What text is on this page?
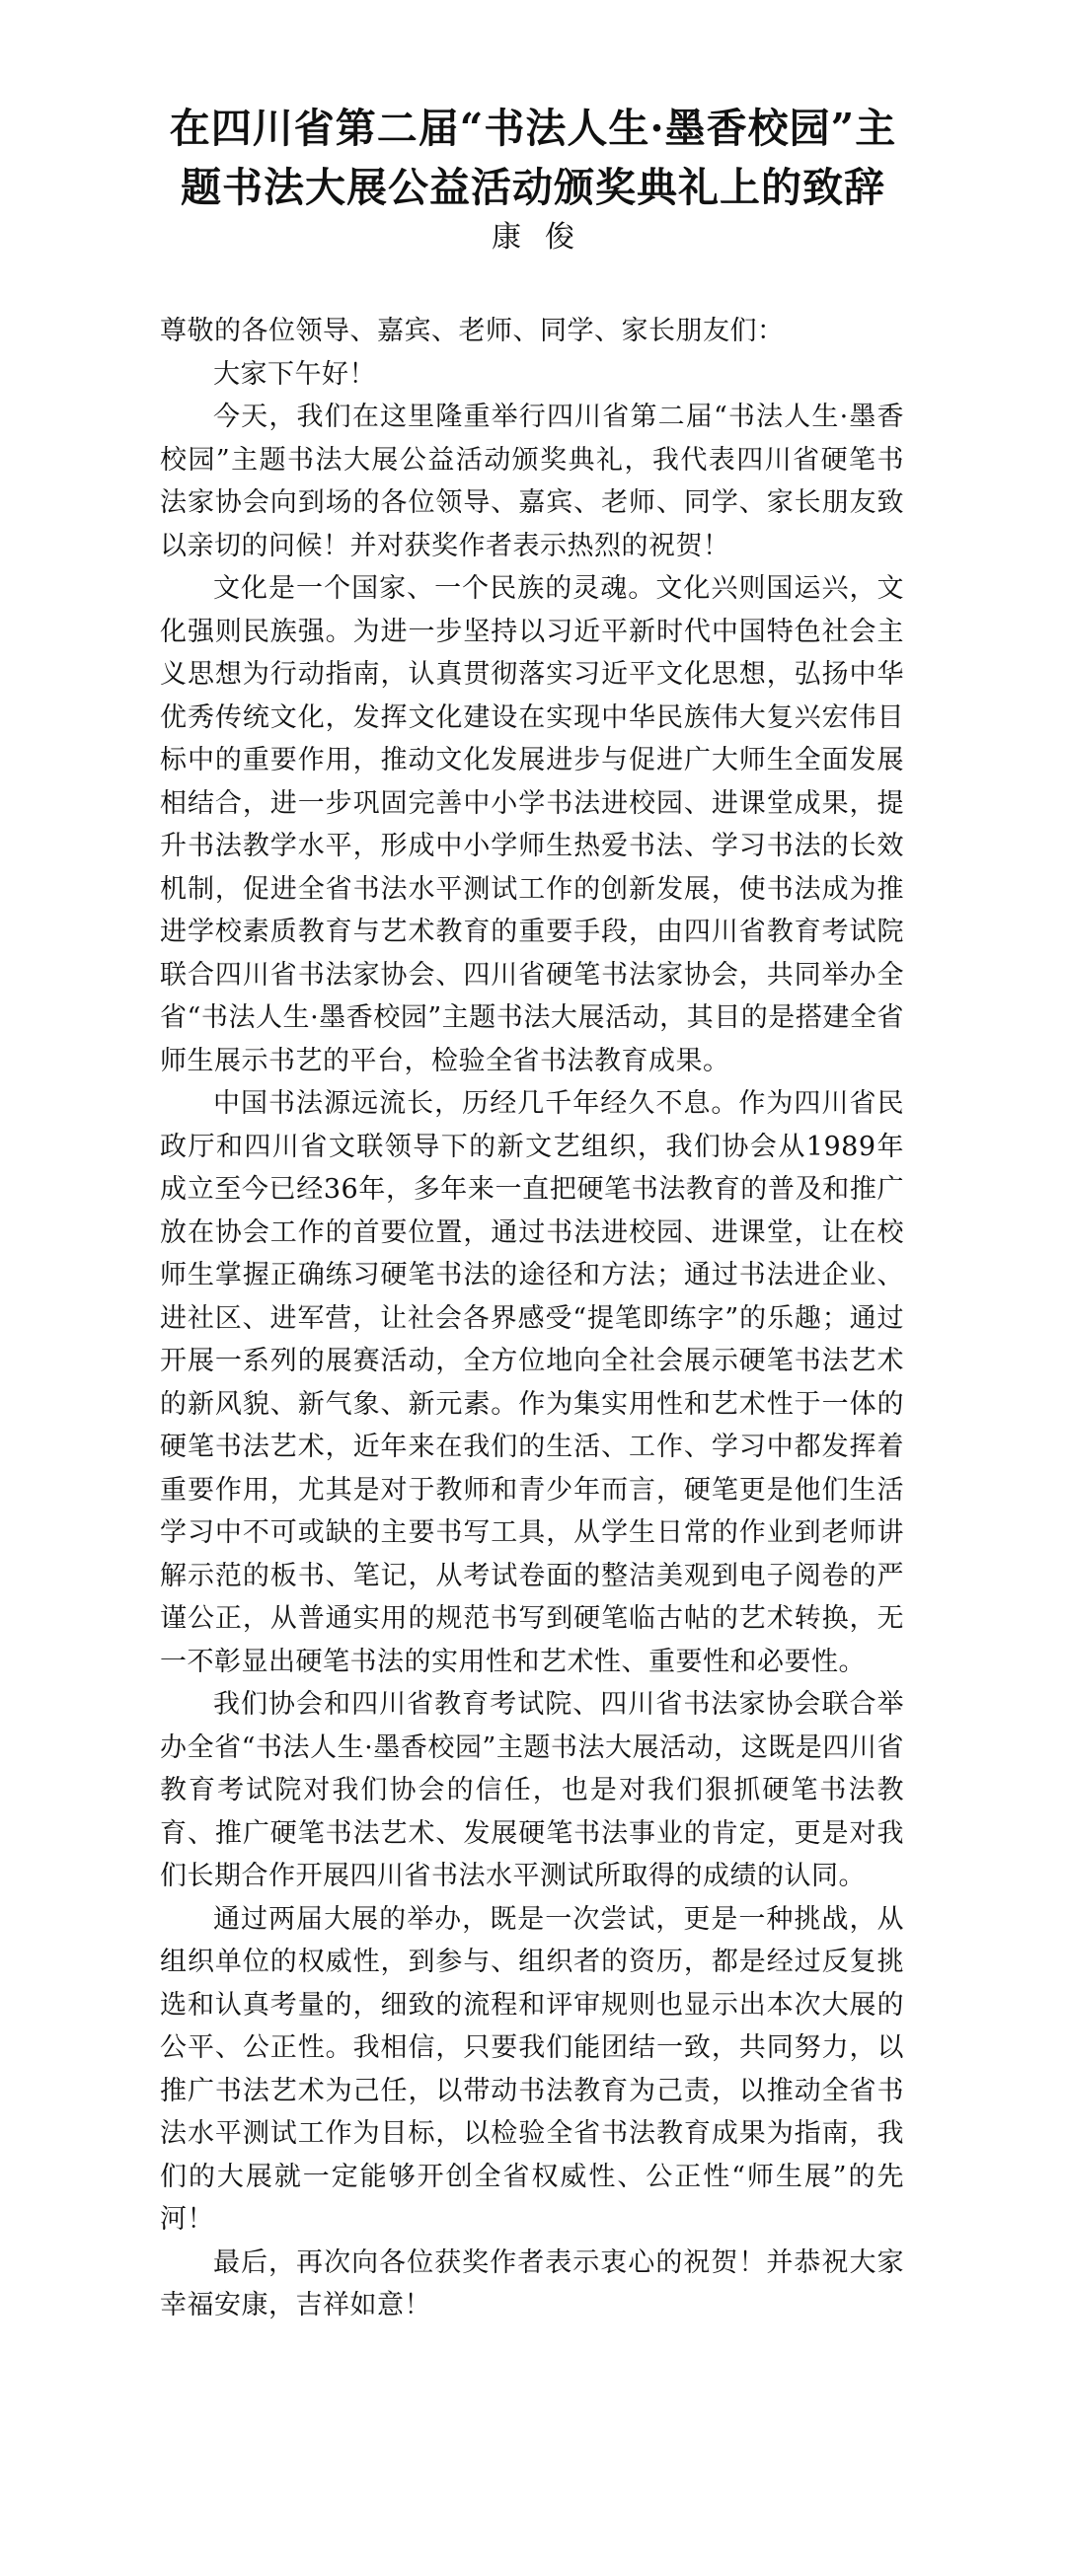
在四川省第二届“书法人生·墨香校园”主
题书法大展公益活动颁奖典礼上的致辞

康俊

尊敬的各位领导、嘉宾、老师、同学、家长朋友们：

大家下午好！

今天，我们在这里隆重举行四川省第二届“书法人生·墨香校园”主题书法大展公益活动颁奖典礼，我代表四川省硬笔书法家协会向到场的各位领导、嘉宾、老师、同学、家长朋友致以亲切的问候！并对获奖作者表示热烈的祝贺！

文化是一个国家、一个民族的灵魂。文化兴则国运兴，文化强则民族强。为进一步坚持以习近平新时代中国特色社会主义思想为行动指南，认真贯彻落实习近平文化思想，弘扬中华优秀传统文化，发挥文化建设在实现中华民族伟大复兴宏伟目标中的重要作用，推动文化发展进步与促进广大师生全面发展相结合，进一步巩固完善中小学书法进校园、进课堂成果，提升书法教学水平，形成中小学师生热爱书法、学习书法的长效机制，促进全省书法水平测试工作的创新发展，使书法成为推进学校素质教育与艺术教育的重要手段，由四川省教育考试院联合四川省书法家协会、四川省硬笔书法家协会，共同举办全省“书法人生·墨香校园”主题书法大展活动，其目的是搭建全省师生展示书艺的平台，检验全省书法教育成果。

中国书法源远流长，历经几千年经久不息。作为四川省民政厅和四川省文联领导下的新文艺组织，我们协会从1989年成立至今已经36年，多年来一直把硬笔书法教育的普及和推广放在协会工作的首要位置，通过书法进校园、进课堂，让在校师生掌握正确练习硬笔书法的途径和方法；通过书法进企业、进社区、进军营，让社会各界感受“提笔即练字”的乐趣；通过开展一系列的展赛活动，全方位地向全社会展示硬笔书法艺术的新风貌、新气象、新元素。作为集实用性和艺术性于一体的硬笔书法艺术，近年来在我们的生活、工作、学习中都发挥着重要作用，尤其是对于教师和青少年而言，硬笔更是他们生活学习中不可或缺的主要书写工具，从学生日常的作业到老师讲解示范的板书、笔记，从考试卷面的整洁美观到电子阅卷的严谨公正，从普通实用的规范书写到硬笔临古帖的艺术转换，无一不彰显出硬笔书法的实用性和艺术性、重要性和必要性。

我们协会和四川省教育考试院、四川省书法家协会联合举办全省“书法人生·墨香校园”主题书法大展活动，这既是四川省教育考试院对我们协会的信任，也是对我们狠抓硬笔书法教育、推广硬笔书法艺术、发展硬笔书法事业的肯定，更是对我们长期合作开展四川省书法水平测试所取得的成绩的认同。

通过两届大展的举办，既是一次尝试，更是一种挑战，从组织单位的权威性，到参与、组织者的资历，都是经过反复挑选和认真考量的，细致的流程和评审规则也显示出本次大展的公平、公正性。我相信，只要我们能团结一致，共同努力，以推广书法艺术为己任，以带动书法教育为己责，以推动全省书法水平测试工作为目标，以检验全省书法教育成果为指南，我们的大展就一定能够开创全省权威性、公正性“师生展”的先河！

最后，再次向各位获奖作者表示衷心的祝贺！并恭祝大家幸福安康，吉祥如意！
